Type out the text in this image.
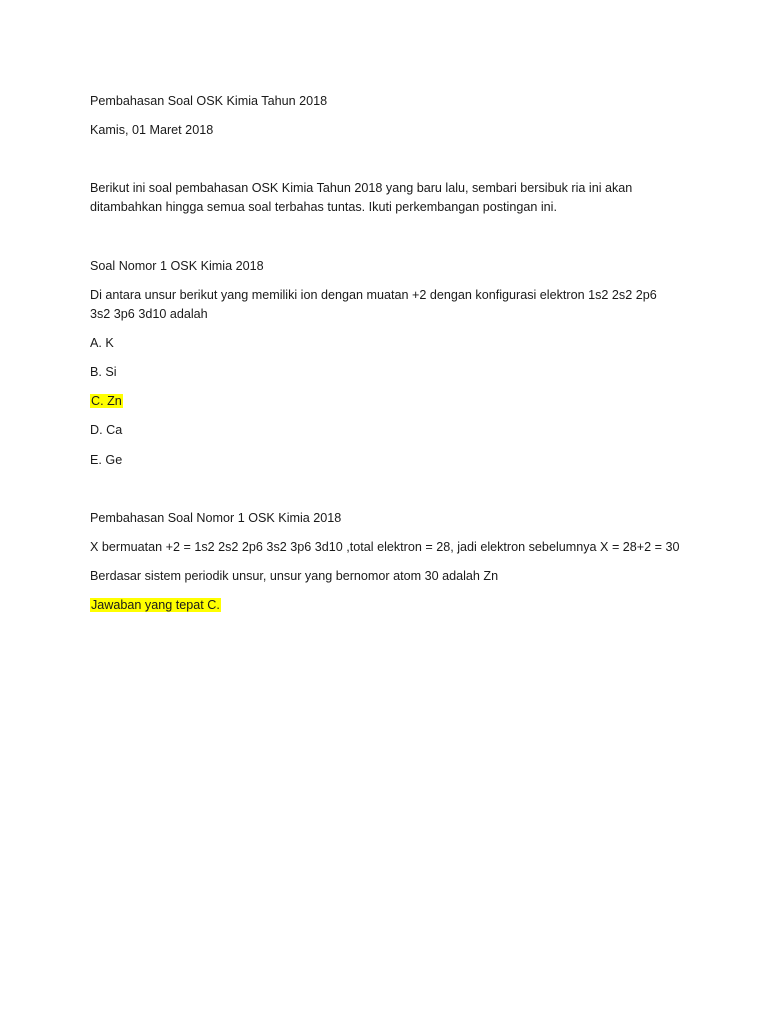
Pembahasan Soal OSK Kimia Tahun 2018
Kamis, 01 Maret 2018
Berikut ini soal pembahasan OSK Kimia Tahun 2018 yang baru lalu, sembari bersibuk ria ini akan
ditambahkan hingga semua soal terbahas tuntas. Ikuti perkembangan postingan ini.
Soal Nomor 1 OSK Kimia 2018
Di antara unsur berikut yang memiliki ion dengan muatan +2 dengan konfigurasi elektron 1s2 2s2 2p6
3s2 3p6 3d10 adalah
A. K
B. Si
C. Zn
D. Ca
E. Ge
Pembahasan Soal Nomor 1 OSK Kimia 2018
X bermuatan +2 = 1s2 2s2 2p6 3s2 3p6 3d10 ,total elektron = 28, jadi elektron sebelumnya X = 28+2 = 30
Berdasar sistem periodik unsur, unsur yang bernomor atom 30 adalah Zn
Jawaban yang tepat C.
